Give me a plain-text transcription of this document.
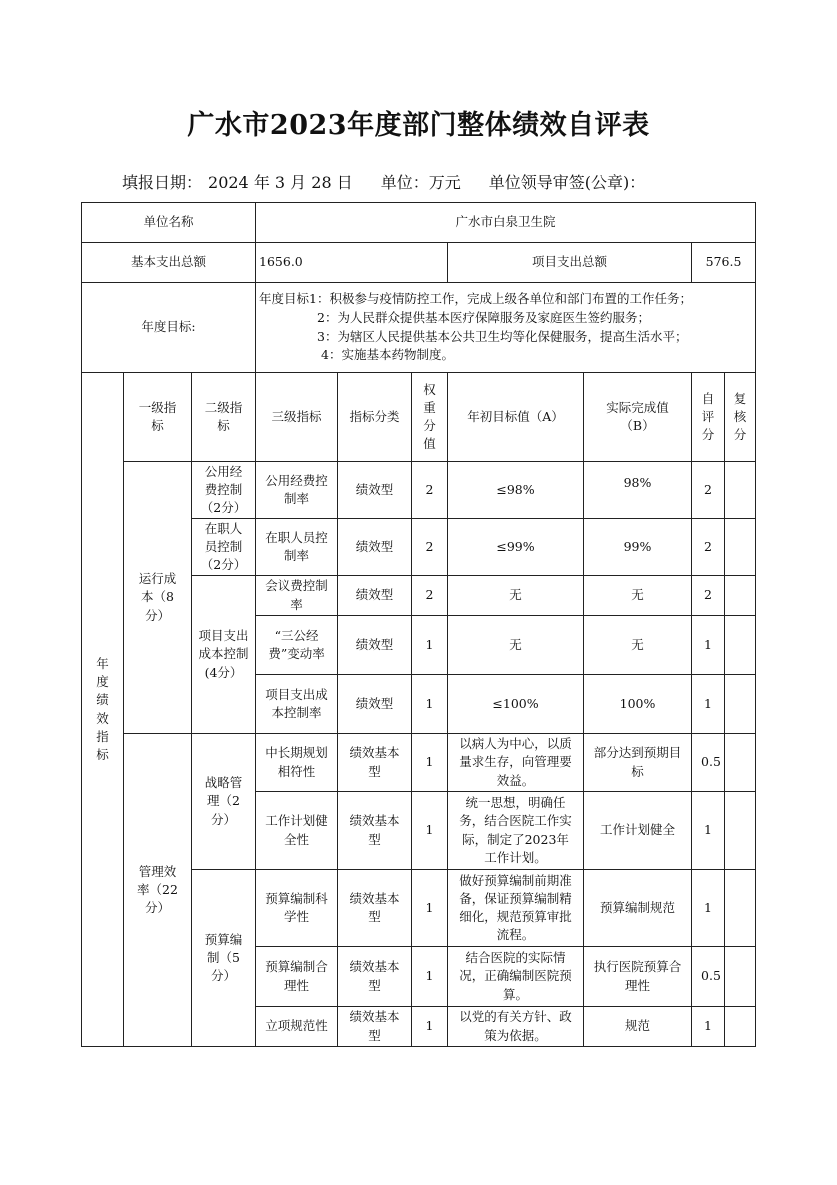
广水市2023年度部门整体绩效自评表
填报日期： 2024 年 3 月 28 日 单位：万元 单位领导审签(公章)：
单位名称			广水市白泉卫生院						
基本支出总额			1656.0			项目支出总额		576.5	
年度目标:			年度目标1：积极参与疫情防控工作，完成上级各单位和部门布置的工作任务；
2：为人民群众提供基本医疗保障服务及家庭医生签约服务；
3：为辖区人民提供基本公共卫生均等化保健服务，提高生活水平；
4：实施基本药物制度。						

年度绩效指标	一级指标	二级指标	三级指标	指标分类	权重分值	年初目标值（A）	实际完成值（B）	自评分	复核分
	运行成本（8分）	公用经费控制（2分）	公用经费控制率	绩效型	2	≤98%	98%	2	
		在职人员控制（2分）	在职人员控制率	绩效型	2	≤99%	99%	2	
		项目支出成本控制(4分）	会议费控制率	绩效型	2	无	无	2	
			“三公经费”变动率	绩效型	1	无	无	1	
			项目支出成本控制率	绩效型	1	≤100%	100%	1	
	管理效率（22分）	战略管理（2分）	中长期规划相符性	绩效基本型	1	以病人为中心，以质量求生存，向管理要效益。	部分达到预期目标	0.5	
			工作计划健全性	绩效基本型	1	统一思想，明确任务，结合医院工作实际，制定了2023年工作计划。	工作计划健全	1	
		预算编制（5分）	预算编制科学性	绩效基本型	1	做好预算编制前期准备，保证预算编制精细化，规范预算审批流程。	预算编制规范	1	
			预算编制合理性	绩效基本型	1	结合医院的实际情况，正确编制医院预算。	执行医院预算合理性	0.5	
			立项规范性	绩效基本型	1	以党的有关方针、政策为依据。	规范	1	
